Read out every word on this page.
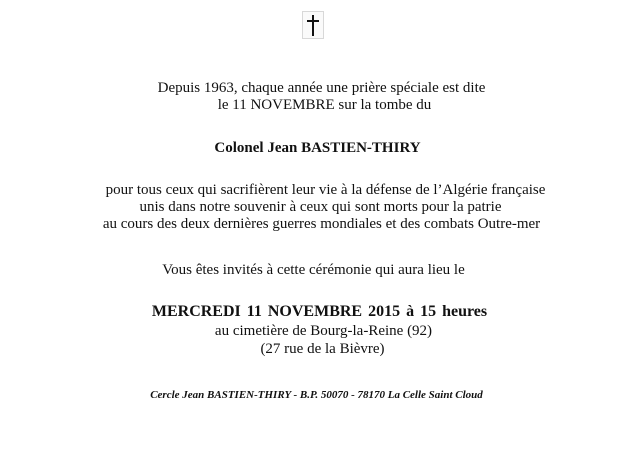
Depuis 1963, chaque année une prière spéciale est dite
le 11 NOVEMBRE sur la tombe du
Colonel Jean BASTIEN-THIRY
pour tous ceux qui sacrifièrent leur vie à la défense de l’Algérie française
unis dans notre souvenir à ceux qui sont morts pour la patrie
au cours des deux dernières guerres mondiales et des combats Outre-mer
Vous êtes invités à cette cérémonie qui aura lieu le
MERCREDI 11 NOVEMBRE 2015 à 15 heures
au cimetière de Bourg-la-Reine (92)
(27 rue de la Bièvre)
Cercle Jean BASTIEN-THIRY - B.P. 50070 - 78170 La Celle Saint Cloud
